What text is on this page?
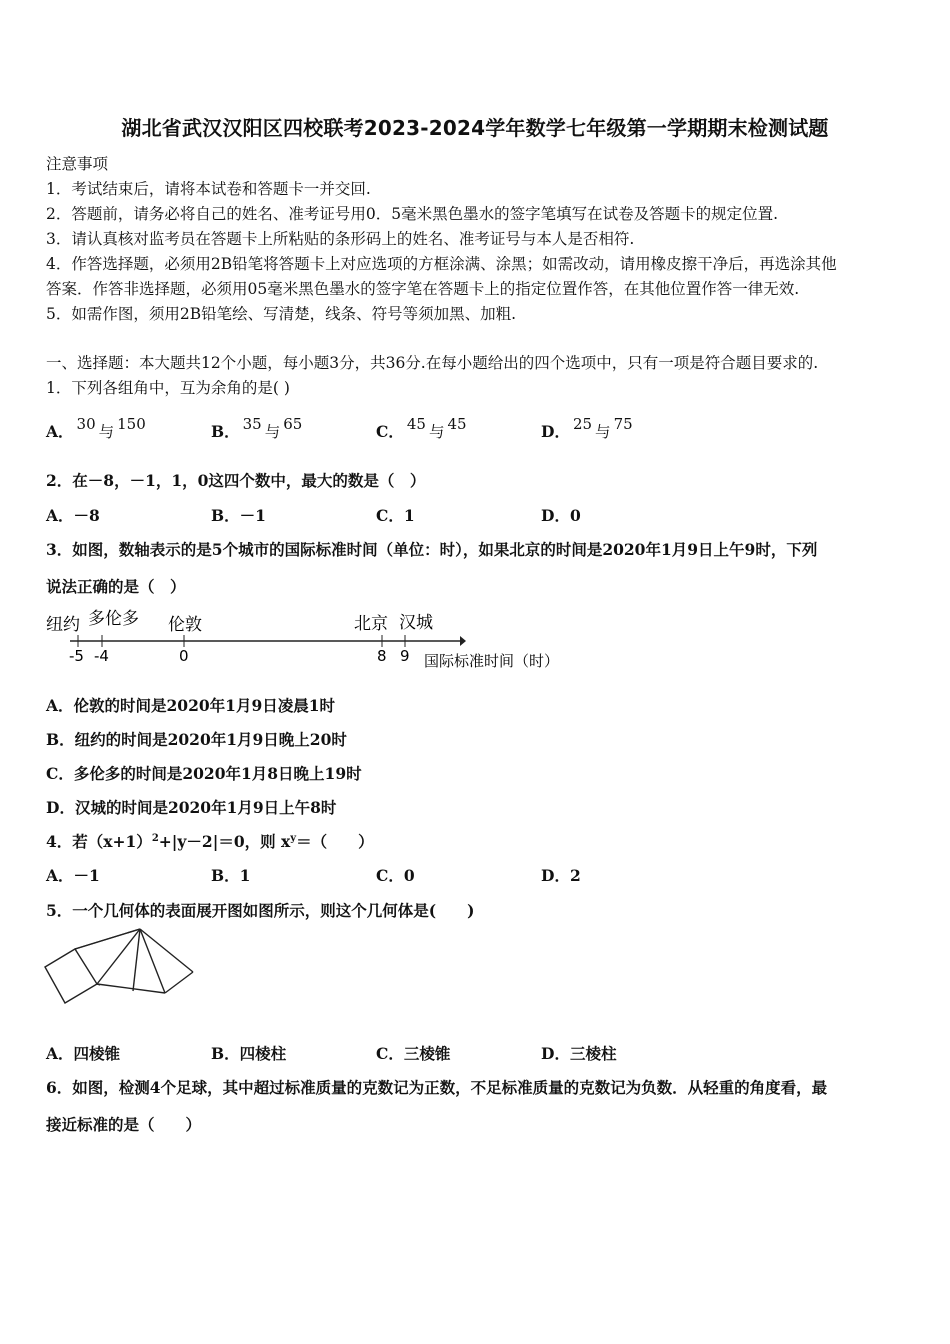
湖北省武汉汉阳区四校联考2023-2024学年数学七年级第一学期期末检测试题
注意事项
1．考试结束后，请将本试卷和答题卡一并交回.
2．答题前，请务必将自己的姓名、准考证号用0．5毫米黑色墨水的签字笔填写在试卷及答题卡的规定位置.
3．请认真核对监考员在答题卡上所粘贴的条形码上的姓名、准考证号与本人是否相符.
4．作答选择题，必须用2B铅笔将答题卡上对应选项的方框涂满、涂黑；如需改动，请用橡皮擦干净后，再选涂其他
答案．作答非选择题，必须用05毫米黑色墨水的签字笔在答题卡上的指定位置作答，在其他位置作答一律无效.
5．如需作图，须用2B铅笔绘、写清楚，线条、符号等须加黑、加粗.
一、选择题：本大题共12个小题，每小题3分，共36分.在每小题给出的四个选项中，只有一项是符合题目要求的.
1．下列各组角中，互为余角的是( )
A． 30 与 150	B． 35 与 65	C． 45 与 45	D． 25 与 75
2．在－8，－1，1，0这四个数中，最大的数是（　）
A．－8	B．－1	C．1	D．0
3．如图，数轴表示的是5个城市的国际标准时间（单位：时），如果北京的时间是2020年1月9日上午9时，下列
说法正确的是（　）
纽约 多伦多 伦敦	北京 汉城
-5 -4	0	8 9 国际标准时间（时）
A．伦敦的时间是2020年1月9日凌晨1时
B．纽约的时间是2020年1月9日晚上20时
C．多伦多的时间是2020年1月8日晚上19时
D．汉城的时间是2020年1月9日上午8时
4．若$(x+1)^2+|y-2|=0$，则 $x^y=$（　　）
A．－1	B．1	C．0	D．2
5．一个几何体的表面展开图如图所示，则这个几何体是(　　)
A．四棱锥	B．四棱柱	C．三棱锥	D．三棱柱
6．如图，检测4个足球，其中超过标准质量的克数记为正数，不足标准质量的克数记为负数．从轻重的角度看，最
接近标准的是（　　）
